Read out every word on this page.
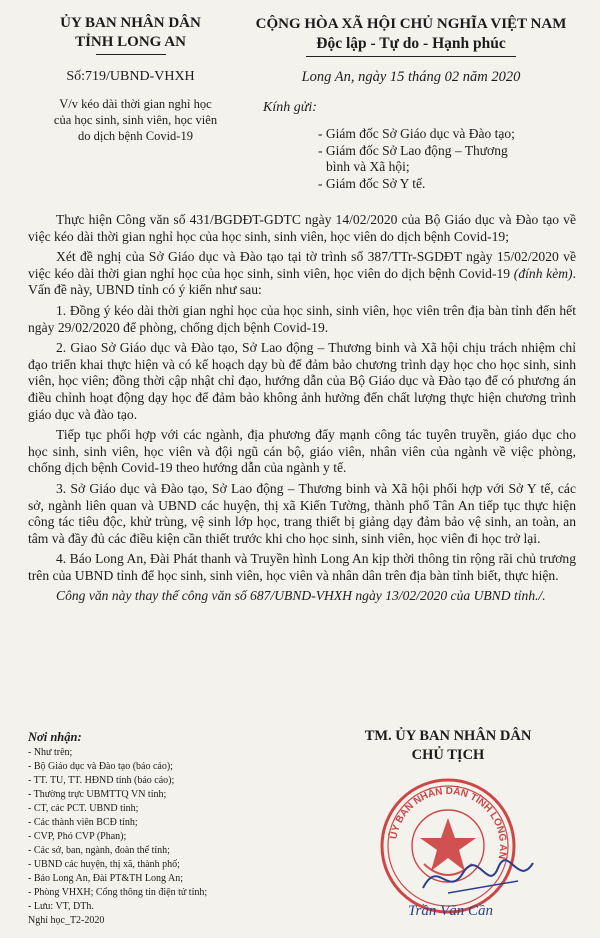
ỦY BAN NHÂN DÂN
TỈNH LONG AN
CỘNG HÒA XÃ HỘI CHỦ NGHĨA VIỆT NAM
Độc lập - Tự do - Hạnh phúc
Số:719/UBND-VHXH	Long An, ngày 15 tháng 02 năm 2020
V/v kéo dài thời gian nghỉ học
của học sinh, sinh viên, học viên
do dịch bệnh Covid-19
Kính gửi:
- Giám đốc Sở Giáo dục và Đào tạo;
- Giám đốc Sở Lao động – Thương
bình và Xã hội;
- Giám đốc Sở Y tế.

Thực hiện Công văn số 431/BGDĐT-GDTC ngày 14/02/2020 của Bộ Giáo dục và Đào tạo về việc kéo dài thời gian nghỉ học của học sinh, sinh viên, học viên do dịch bệnh Covid-19;

Xét đề nghị của Sở Giáo dục và Đào tạo tại tờ trình số 387/TTr-SGDĐT ngày 15/02/2020 về việc kéo dài thời gian nghỉ học của học sinh, sinh viên, học viên do dịch bệnh Covid-19 (đính kèm). Vấn đề này, UBND tỉnh có ý kiến như sau:

1. Đồng ý kéo dài thời gian nghỉ học của học sinh, sinh viên, học viên trên địa bàn tỉnh đến hết ngày 29/02/2020 để phòng, chống dịch bệnh Covid-19.

2. Giao Sở Giáo dục và Đào tạo, Sở Lao động – Thương binh và Xã hội chịu trách nhiệm chỉ đạo triển khai thực hiện và có kế hoạch dạy bù để đảm bảo chương trình dạy học cho học sinh, sinh viên, học viên; đồng thời cập nhật chỉ đạo, hướng dẫn của Bộ Giáo dục và Đào tạo để có phương án điều chỉnh hoạt động dạy học để đảm bảo không ảnh hưởng đến chất lượng thực hiện chương trình giáo dục và đào tạo.

Tiếp tục phối hợp với các ngành, địa phương đẩy mạnh công tác tuyên truyền, giáo dục cho học sinh, sinh viên, học viên và đội ngũ cán bộ, giáo viên, nhân viên của ngành về việc phòng, chống dịch bệnh Covid-19 theo hướng dẫn của ngành y tế.

3. Sở Giáo dục và Đào tạo, Sở Lao động – Thương binh và Xã hội phối hợp với Sở Y tế, các sở, ngành liên quan và UBND các huyện, thị xã Kiến Tường, thành phố Tân An tiếp tục thực hiện công tác tiêu độc, khử trùng, vệ sinh lớp học, trang thiết bị giảng dạy đảm bảo vệ sinh, an toàn, an tâm và đầy đủ các điều kiện cần thiết trước khi cho học sinh, sinh viên, học viên đi học trở lại.

4. Báo Long An, Đài Phát thanh và Truyền hình Long An kịp thời thông tin rộng rãi chủ trương trên của UBND tỉnh để học sinh, sinh viên, học viên và nhân dân trên địa bàn tỉnh biết, thực hiện.

Công văn này thay thế công văn số 687/UBND-VHXH ngày 13/02/2020 của UBND tỉnh./.

Nơi nhận:
- Như trên;
- Bộ Giáo dục và Đào tạo (báo cáo);
- TT. TU, TT. HĐND tỉnh (báo cáo);
- Thường trực UBMTTQ VN tỉnh;
- CT, các PCT. UBND tỉnh;
- Các thành viên BCĐ tỉnh;
- CVP, Phó CVP (Phan);
- Các sở, ban, ngành, đoàn thể tỉnh;
- UBND các huyện, thị xã, thành phố;
- Báo Long An, Đài PT&TH Long An;
- Phòng VHXH; Cổng thông tin điện tử tỉnh;
- Lưu: VT, DTh.
Nghỉ học_T2-2020
TM. ỦY BAN NHÂN DÂN
CHỦ TỊCH
ỦY BAN NHÂN DÂN TỈNH LONG AN
Trần Văn Cần
